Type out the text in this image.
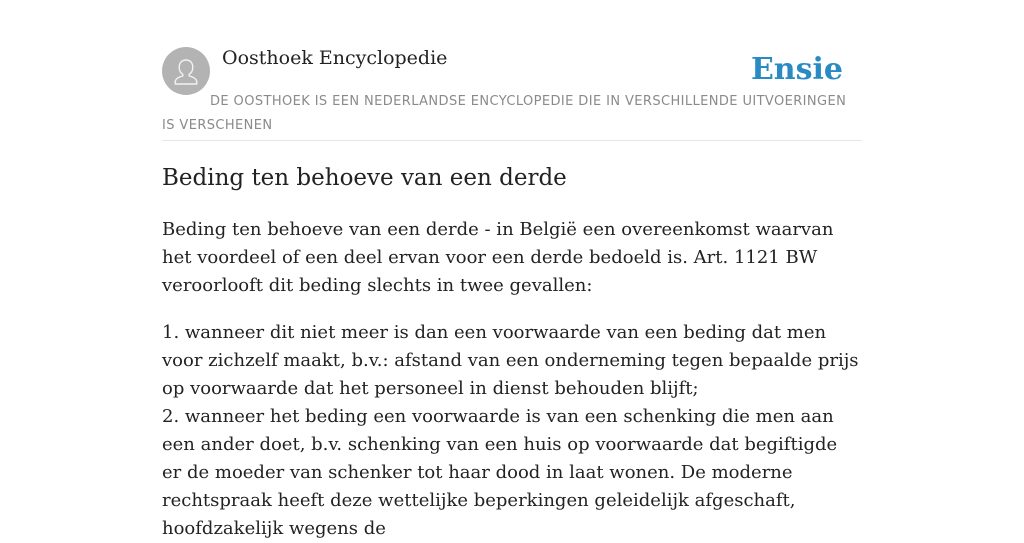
Oosthoek Encyclopedie	Ensie
DE OOSTHOEK IS EEN NEDERLANDSE ENCYCLOPEDIE DIE IN VERSCHILLENDE UITVOERINGEN IS VERSCHENEN
Beding ten behoeve van een derde

Beding ten behoeve van een derde - in België een overeenkomst waarvan het voordeel of een deel ervan voor een derde bedoeld is. Art. 1121 BW veroorlooft dit beding slechts in twee gevallen:

1. wanneer dit niet meer is dan een voorwaarde van een beding dat men voor zichzelf maakt, b.v.: afstand van een onderneming tegen bepaalde prijs op voorwaarde dat het personeel in dienst behouden blijft;
2. wanneer het beding een voorwaarde is van een schenking die men aan een ander doet, b.v. schenking van een huis op voorwaarde dat begiftigde er de moeder van schenker tot haar dood in laat wonen. De moderne rechtspraak heeft deze wettelijke beperkingen geleidelijk afgeschaft, hoofdzakelijk wegens de
